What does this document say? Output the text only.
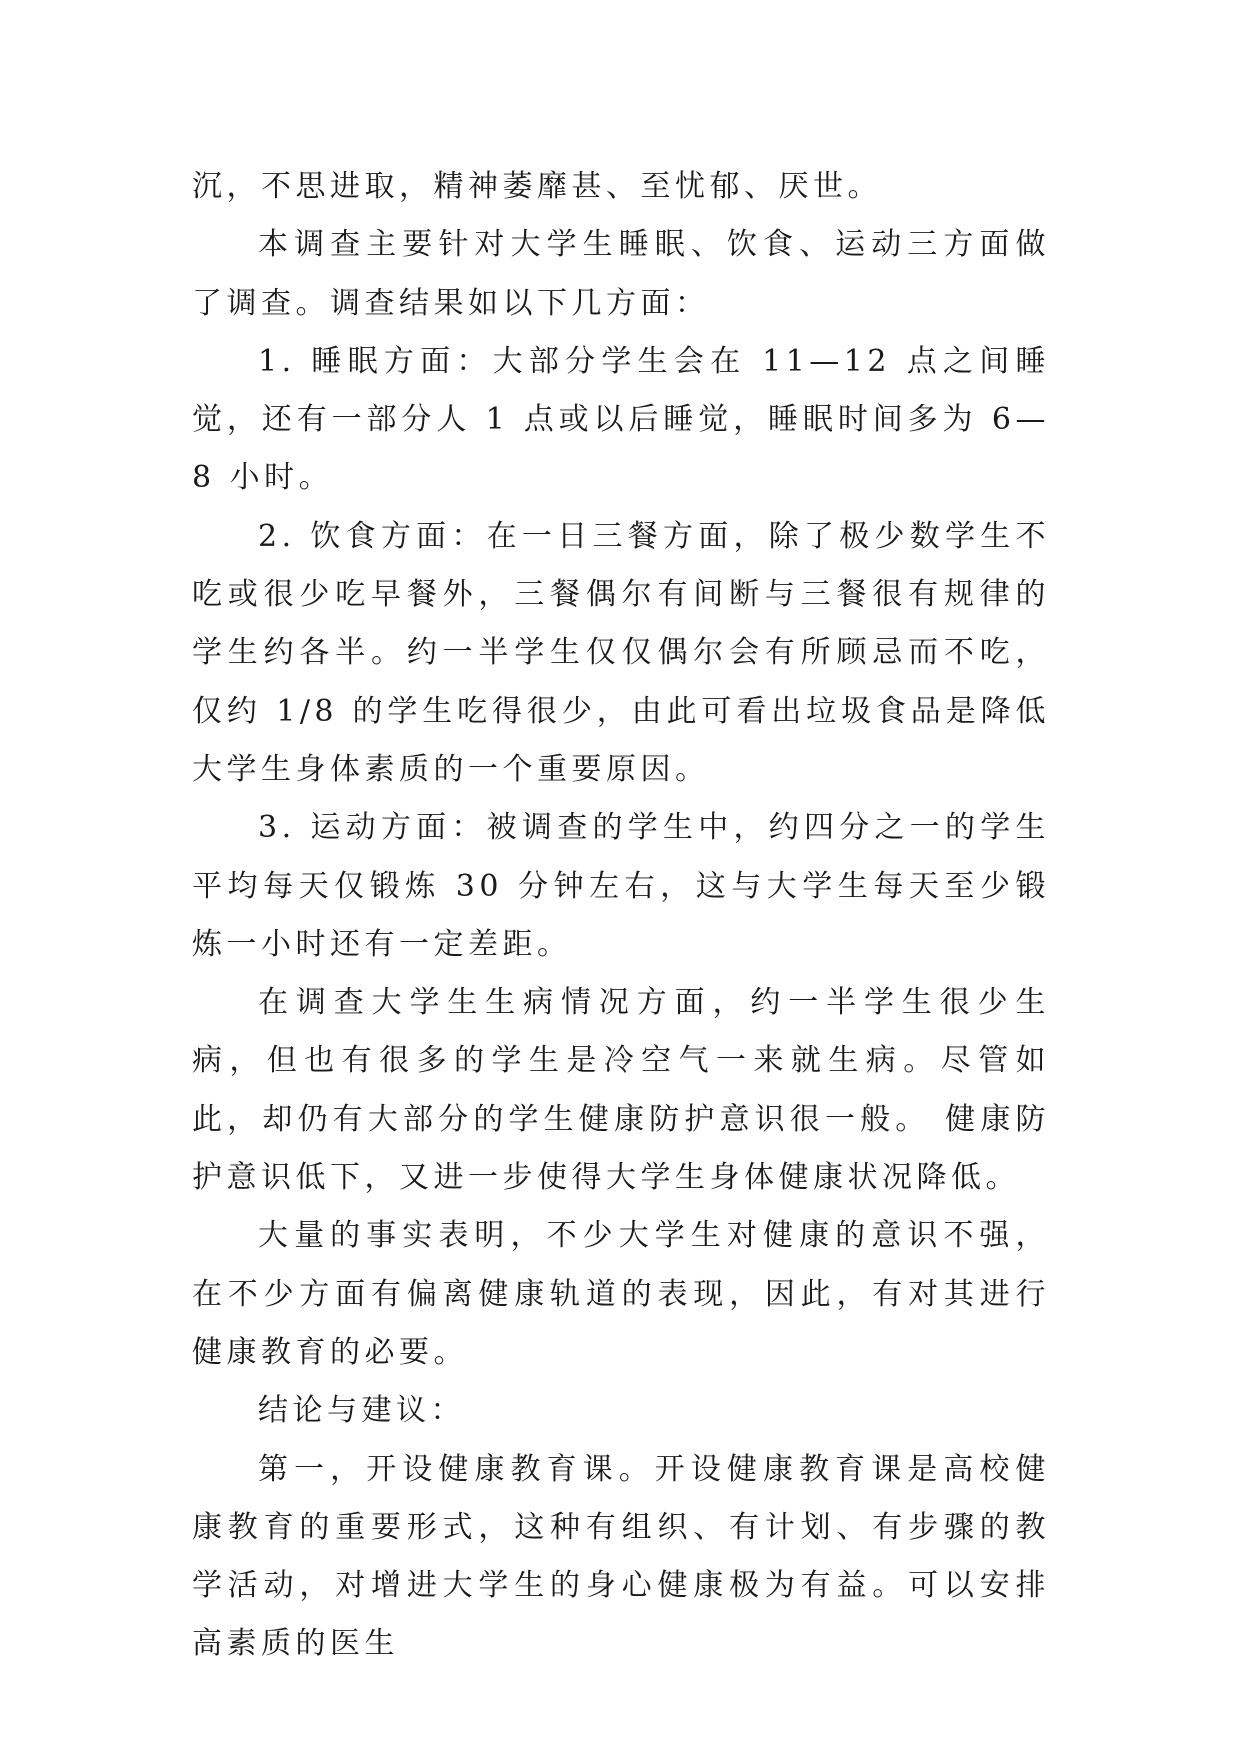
沉，不思进取，精神萎靡甚、至忧郁、厌世。

本调查主要针对大学生睡眠、饮食、运动三方面做了调查。调查结果如以下几方面：

1. 睡眠方面：大部分学生会在 11—12 点之间睡觉，还有一部分人 1 点或以后睡觉，睡眠时间多为 6—8 小时。

2. 饮食方面：在一日三餐方面，除了极少数学生不吃或很少吃早餐外，三餐偶尔有间断与三餐很有规律的学生约各半。约一半学生仅仅偶尔会有所顾忌而不吃，仅约 1/8 的学生吃得很少，由此可看出垃圾食品是降低大学生身体素质的一个重要原因。

3. 运动方面：被调查的学生中，约四分之一的学生平均每天仅锻炼 30 分钟左右，这与大学生每天至少锻炼一小时还有一定差距。

在调查大学生生病情况方面，约一半学生很少生病，但也有很多的学生是冷空气一来就生病。尽管如此，却仍有大部分的学生健康防护意识很一般。 健康防护意识低下，又进一步使得大学生身体健康状况降低。

大量的事实表明，不少大学生对健康的意识不强，在不少方面有偏离健康轨道的表现，因此，有对其进行健康教育的必要。

结论与建议：

第一，开设健康教育课。开设健康教育课是高校健康教育的重要形式，这种有组织、有计划、有步骤的教学活动，对增进大学生的身心健康极为有益。可以安排高素质的医生
